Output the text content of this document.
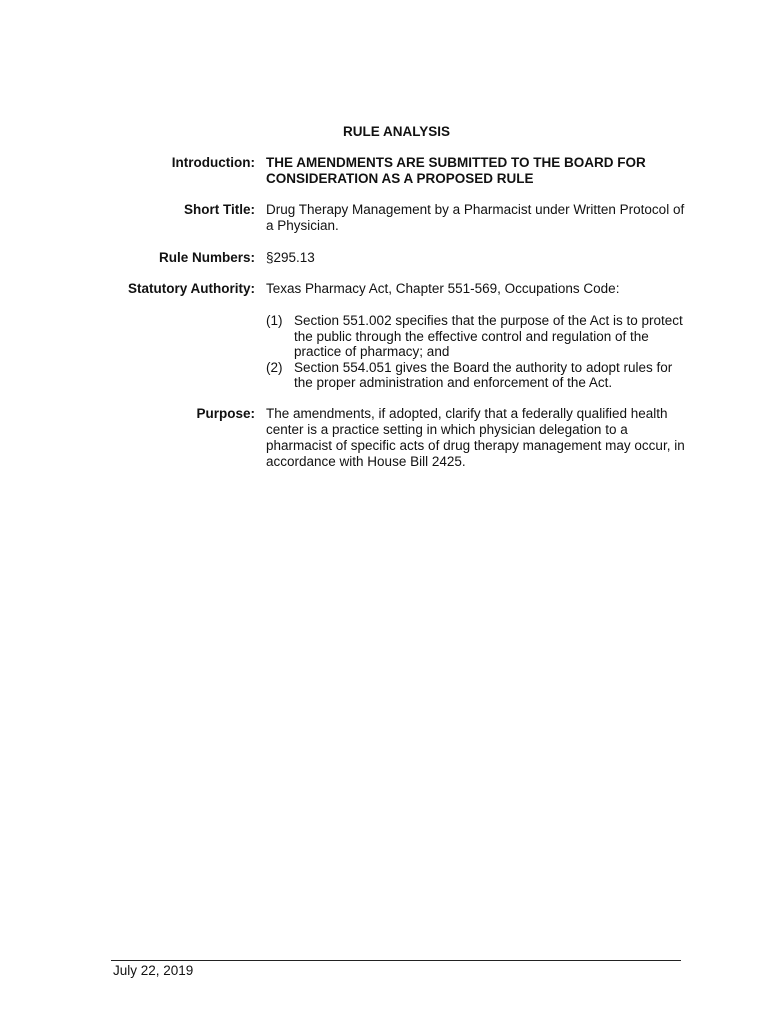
RULE ANALYSIS
Introduction: THE AMENDMENTS ARE SUBMITTED TO THE BOARD FOR CONSIDERATION AS A PROPOSED RULE
Short Title: Drug Therapy Management by a Pharmacist under Written Protocol of a Physician.
Rule Numbers: §295.13
Statutory Authority: Texas Pharmacy Act, Chapter 551-569, Occupations Code:
(1) Section 551.002 specifies that the purpose of the Act is to protect the public through the effective control and regulation of the practice of pharmacy; and
(2) Section 554.051 gives the Board the authority to adopt rules for the proper administration and enforcement of the Act.
Purpose: The amendments, if adopted, clarify that a federally qualified health center is a practice setting in which physician delegation to a pharmacist of specific acts of drug therapy management may occur, in accordance with House Bill 2425.
July 22, 2019
